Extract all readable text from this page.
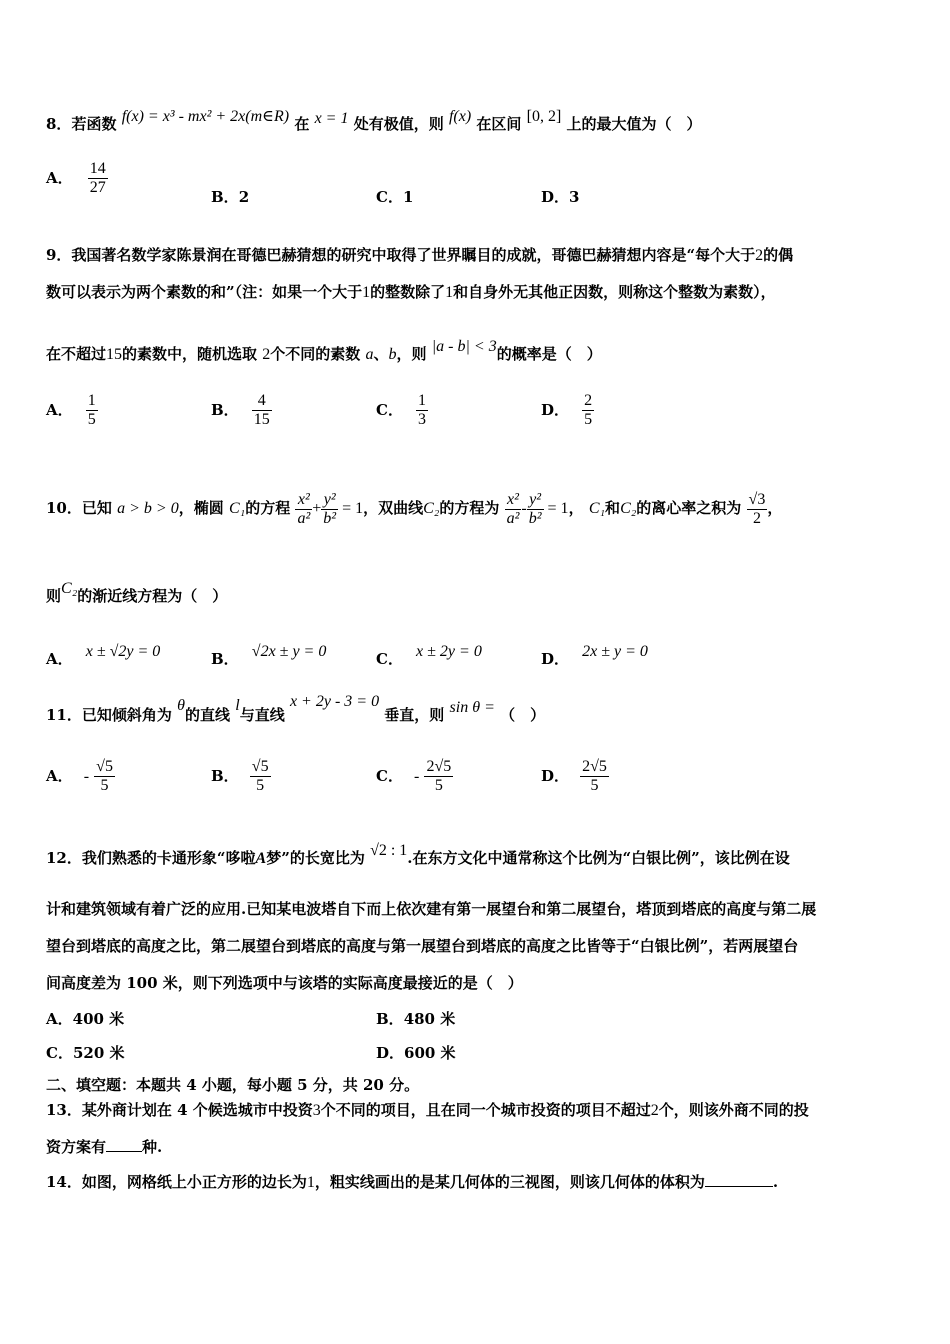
8．若函数 f(x) = x³ - mx² + 2x(m∈R) 在 x = 1 处有极值，则 f(x) 在区间 [0, 2] 上的最大值为（　）
A． $\frac{14}{27}$	B．2	C．1	D．3
9．我国著名数学家陈景润在哥德巴赫猜想的研究中取得了世界瞩目的成就，哥德巴赫猜想内容是“每个大于2的偶
数可以表示为两个素数的和”（注：如果一个大于1的整数除了1和自身外无其他正因数，则称这个整数为素数），
在不超过15的素数中，随机选取 2个不同的素数 a、b，则 |a - b| < 3的概率是（　）
A． $\frac{1}{5}$	B． $\frac{4}{15}$	C． $\frac{1}{3}$	D． $\frac{2}{5}$
10．已知 a > b > 0，椭圆 C₁的方程 $\frac{\text{x²}}{\text{a²}} + \frac{\text{y²}}{\text{b²}} = 1$，双曲线C₂的方程为 $\frac{\text{x²}}{\text{a²}} - \frac{\text{y²}}{\text{b²}} = 1$， C₁和C₂的离心率之积为 $\frac{√3}{2}$ ，
则C₂的渐近线方程为（　）
A． x ± √2y = 0	B． √2x ± y = 0	C． x ± 2y = 0	D． 2x ± y = 0
11．已知倾斜角为 θ的直线 l与直线 x + 2y - 3 = 0 垂直，则 sin θ = （　）
A． - $\frac{√5}{5}$	B． $\frac{√5}{5}$	C． - $\frac{2√5}{5}$	D． $\frac{2√5}{5}$
12．我们熟悉的卡通形象“哆啦A梦”的长宽比为 √2 : 1.在东方文化中通常称这个比例为“白银比例”，该比例在设
计和建筑领域有着广泛的应用.已知某电波塔自下而上依次建有第一展望台和第二展望台，塔顶到塔底的高度与第二展
望台到塔底的高度之比，第二展望台到塔底的高度与第一展望台到塔底的高度之比皆等于“白银比例”，若两展望台
间高度差为 100 米，则下列选项中与该塔的实际高度最接近的是（　）
A．400 米	B．480 米
C．520 米	D．600 米
二、填空题：本题共 4 小题，每小题 5 分，共 20 分。
13．某外商计划在 4 个候选城市中投资3个不同的项目，且在同一个城市投资的项目不超过2个，则该外商不同的投
资方案有 种.
14．如图，网格纸上小正方形的边长为1，粗实线画出的是某几何体的三视图，则该几何体的体积为	.
